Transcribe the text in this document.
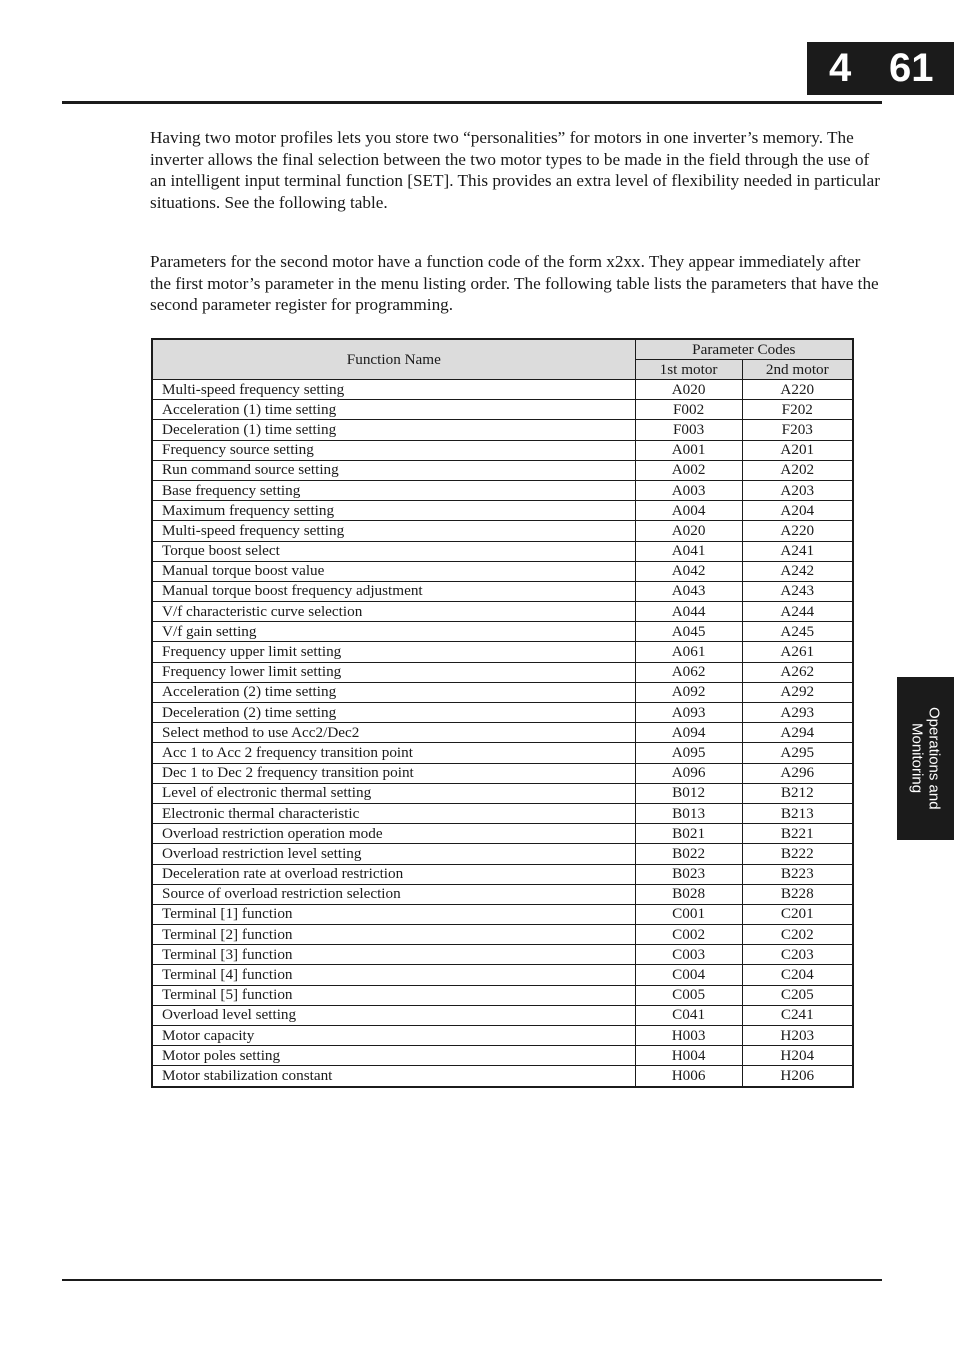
4 61
Operations and Monitoring

Having two motor profiles lets you store two “personalities” for motors in one inverter’s memory. The inverter allows the final selection between the two motor types to be made in the field through the use of an intelligent input terminal function [SET]. This provides an extra level of flexibility needed in particular situations. See the following table.

Parameters for the second motor have a function code of the form x2xx. They appear immediately after the first motor’s parameter in the menu listing order. The following table lists the parameters that have the second parameter register for programming.

Function Name	Parameter Codes	
	1st motor	2nd motor
Multi-speed frequency setting	A020	A220
Acceleration (1) time setting	F002	F202
Deceleration (1) time setting	F003	F203
Frequency source setting	A001	A201
Run command source setting	A002	A202
Base frequency setting	A003	A203
Maximum frequency setting	A004	A204
Multi-speed frequency setting	A020	A220
Torque boost select	A041	A241
Manual torque boost value	A042	A242
Manual torque boost frequency adjustment	A043	A243
V/f characteristic curve selection	A044	A244
V/f gain setting	A045	A245
Frequency upper limit setting	A061	A261
Frequency lower limit setting	A062	A262
Acceleration (2) time setting	A092	A292
Deceleration (2) time setting	A093	A293
Select method to use Acc2/Dec2	A094	A294
Acc 1 to Acc 2 frequency transition point	A095	A295
Dec 1 to Dec 2 frequency transition point	A096	A296
Level of electronic thermal setting	B012	B212
Electronic thermal characteristic	B013	B213
Overload restriction operation mode	B021	B221
Overload restriction level setting	B022	B222
Deceleration rate at overload restriction	B023	B223
Source of overload restriction selection	B028	B228
Terminal [1] function	C001	C201
Terminal [2] function	C002	C202
Terminal [3] function	C003	C203
Terminal [4] function	C004	C204
Terminal [5] function	C005	C205
Overload level setting	C041	C241
Motor capacity	H003	H203
Motor poles setting	H004	H204
Motor stabilization constant	H006	H206
